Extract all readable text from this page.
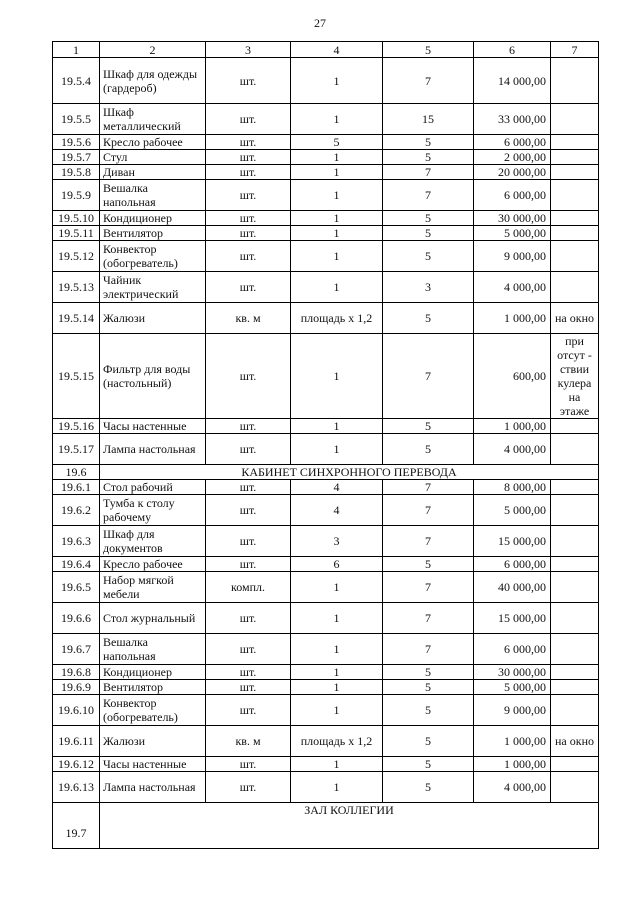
27
1	2	3	4	5	6	7
19.5.4	Шкаф для одежды (гардероб)	шт.	1	7	14 000,00	
19.5.5	Шкаф металлический	шт.	1	15	33 000,00	
19.5.6	Кресло рабочее	шт.	5	5	6 000,00	
19.5.7	Стул	шт.	1	5	2 000,00	
19.5.8	Диван	шт.	1	7	20 000,00	
19.5.9	Вешалка напольная	шт.	1	7	6 000,00	
19.5.10	Кондиционер	шт.	1	5	30 000,00	
19.5.11	Вентилятор	шт.	1	5	5 000,00	
19.5.12	Конвектор (обогреватель)	шт.	1	5	9 000,00	
19.5.13	Чайник электрический	шт.	1	3	4 000,00	
19.5.14	Жалюзи	кв. м	площадь х 1,2	5	1 000,00	на окно
19.5.15	Фильтр для воды (настольный)	шт.	1	7	600,00	при отсут - ствии кулера на этаже
19.5.16	Часы настенные	шт.	1	5	1 000,00	
19.5.17	Лампа настольная	шт.	1	5	4 000,00	
19.6	КАБИНЕТ СИНХРОННОГО ПЕРЕВОДА					
19.6.1	Стол рабочий	шт.	4	7	8 000,00	
19.6.2	Тумба к столу рабочему	шт.	4	7	5 000,00	
19.6.3	Шкаф для документов	шт.	3	7	15 000,00	
19.6.4	Кресло рабочее	шт.	6	5	6 000,00	
19.6.5	Набор мягкой мебели	компл.	1	7	40 000,00	
19.6.6	Стол журнальный	шт.	1	7	15 000,00	
19.6.7	Вешалка напольная	шт.	1	7	6 000,00	
19.6.8	Кондиционер	шт.	1	5	30 000,00	
19.6.9	Вентилятор	шт.	1	5	5 000,00	
19.6.10	Конвектор (обогреватель)	шт.	1	5	9 000,00	
19.6.11	Жалюзи	кв. м	площадь х 1,2	5	1 000,00	на окно
19.6.12	Часы настенные	шт.	1	5	1 000,00	
19.6.13	Лампа настольная	шт.	1	5	4 000,00	
19.7	ЗАЛ КОЛЛЕГИИ					
